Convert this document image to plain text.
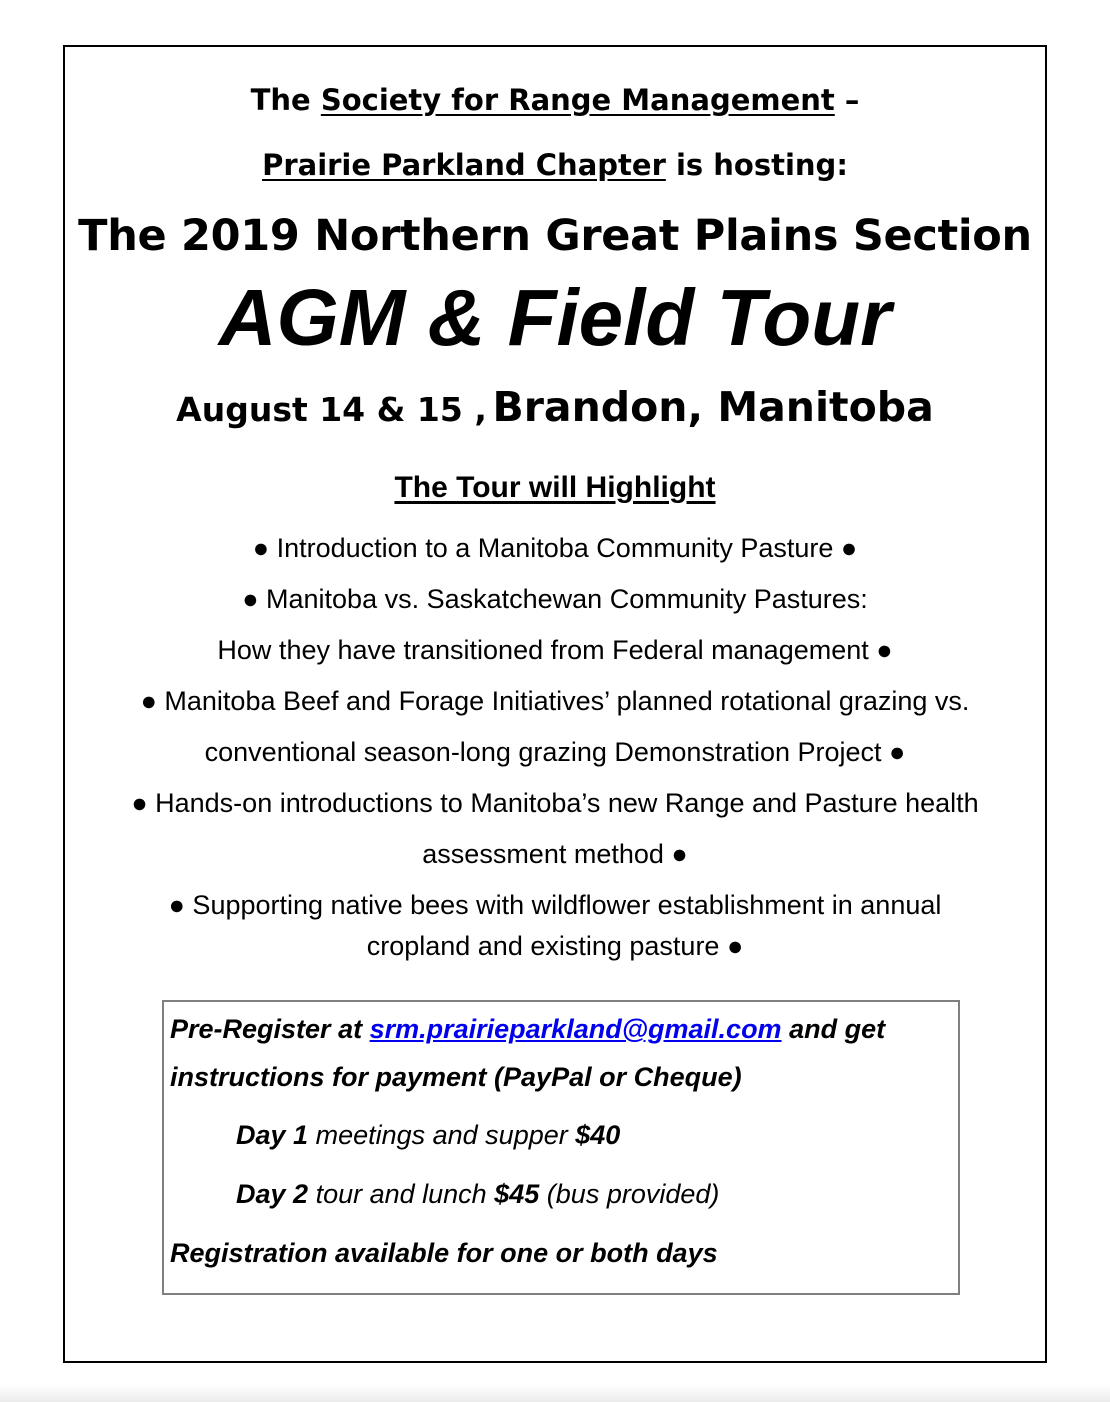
The Society for Range Management –
Prairie Parkland Chapter is hosting:
The 2019 Northern Great Plains Section
AGM & Field Tour
August 14 & 15 , Brandon, Manitoba
The Tour will Highlight
● Introduction to a Manitoba Community Pasture ●
● Manitoba vs. Saskatchewan Community Pastures:
How they have transitioned from Federal management ●
● Manitoba Beef and Forage Initiatives’ planned rotational grazing vs.
conventional season-long grazing Demonstration Project ●
● Hands-on introductions to Manitoba’s new Range and Pasture health
assessment method ●
● Supporting native bees with wildflower establishment in annual
cropland and existing pasture ●
Pre-Register at srm.prairieparkland@gmail.com and get
instructions for payment (PayPal or Cheque)
Day 1 meetings and supper $40
Day 2 tour and lunch $45 (bus provided)
Registration available for one or both days
